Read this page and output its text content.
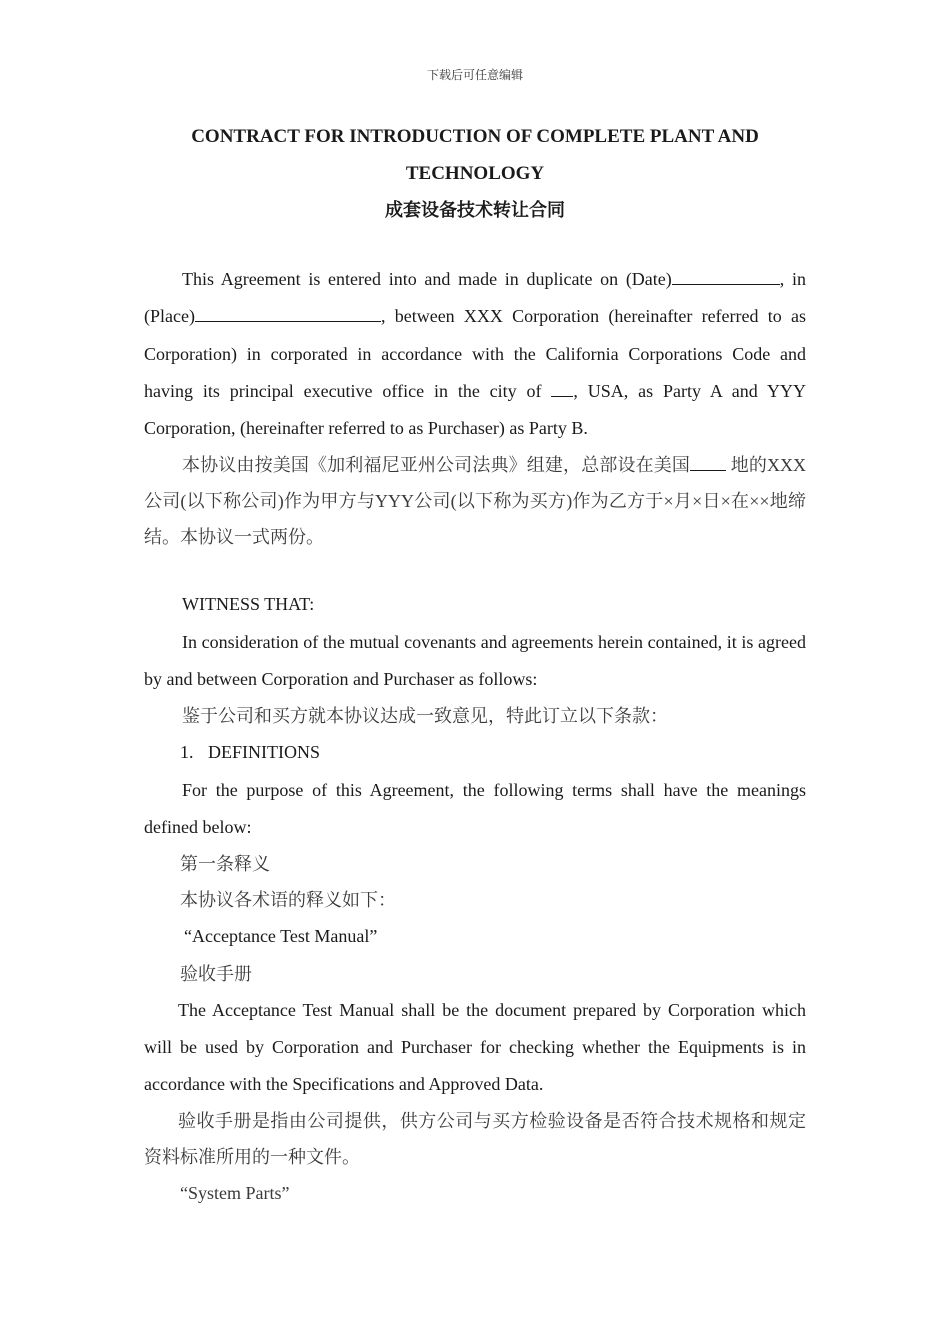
下载后可任意编辑
CONTRACT FOR INTRODUCTION OF COMPLETE PLANT AND TECHNOLOGY
成套设备技术转让合同

This Agreement is entered into and made in duplicate on (Date)	, in (Place)	, between XXX Corporation (hereinafter referred to as Corporation) in corporated in accordance with the California Corporations Code and having its principal executive office in the city of , USA, as Party A and YYY Corporation, (hereinafter referred to as Purchaser) as Party B.

本协议由按美国《加利福尼亚州公司法典》组建，总部设在美国 地的XXX公司(以下称公司)作为甲方与YYY公司(以下称为买方)作为乙方于×月×日×在××地缔结。本协议一式两份。

WITNESS THAT:

In consideration of the mutual covenants and agreements herein contained, it is agreed by and between Corporation and Purchaser as follows:

鉴于公司和买方就本协议达成一致意见，特此订立以下条款：

1. DEFINITIONS

For the purpose of this Agreement, the following terms shall have the meanings defined below:

第一条释义

本协议各术语的释义如下：

“Acceptance Test Manual”

验收手册

The Acceptance Test Manual shall be the document prepared by Corporation which will be used by Corporation and Purchaser for checking whether the Equipments is in accordance with the Specifications and Approved Data.

验收手册是指由公司提供，供方公司与买方检验设备是否符合技术规格和规定资料标准所用的一种文件。

“System Parts”
